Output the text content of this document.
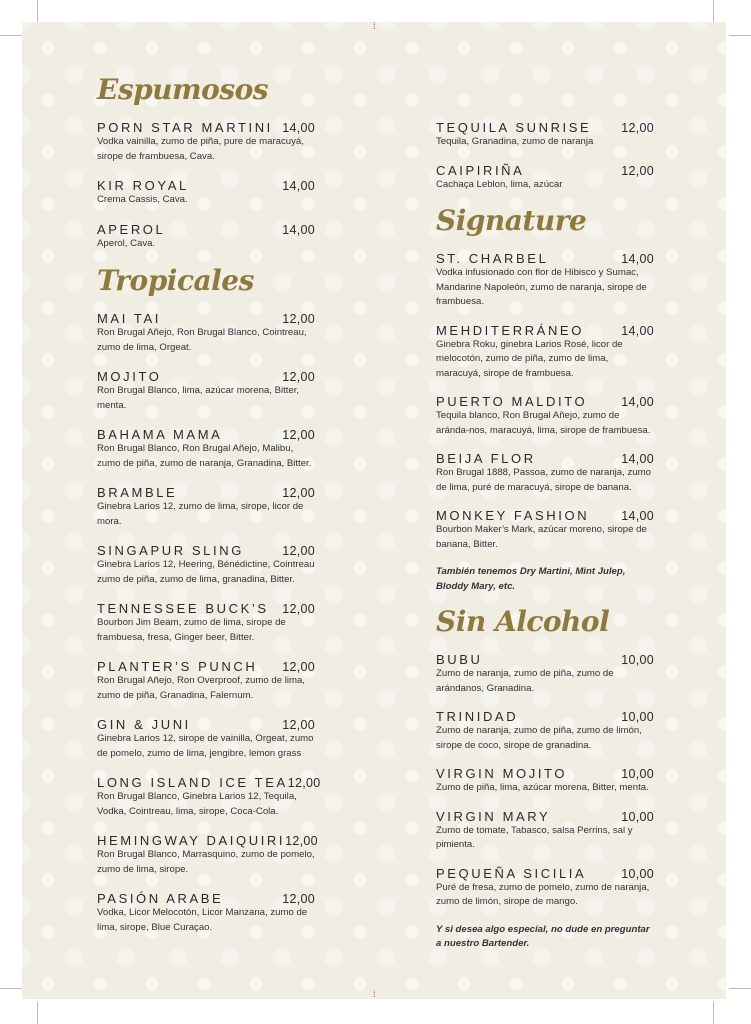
⁞
⁞
Espumosos
PORN STAR MARTINI 14,00
Vodka vainilla, zumo de piña, pure de maracuyá, sirope de frambuesa, Cava.
KIR ROYAL	14,00
Crema Cassis, Cava.
APEROL	14,00
Aperol, Cava.
Tropicales
MAI TAI	12,00
Ron Brugal Añejo, Ron Brugal Blanco, Cointreau, zumo de lima, Orgeat.
MOJITO	12,00
Ron Brugal Blanco, lima, azúcar morena, Bitter, menta.
BAHAMA MAMA	12,00
Ron Brugal Blanco, Ron Brugal Añejo, Malibu, zumo de piña, zumo de naranja, Granadina, Bitter.
BRAMBLE	12,00
Ginebra Larios 12, zumo de lima, sirope, licor de mora.
SINGAPUR SLING	12,00
Ginebra Larios 12, Heering, Bénédictine, Cointreau zumo de piña, zumo de lima, granadina, Bitter.
TENNESSEE BUCK’S 12,00
Bourbon Jim Beam, zumo de lima, sirope de frambuesa, fresa, Ginger beer, Bitter.
PLANTER’S PUNCH 12,00
Ron Brugal Añejo, Ron Overproof, zumo de lima, zumo de piña, Granadina, Falernum.
GIN & JUNI	12,00
Ginebra Larios 12, sirope de vainilla, Orgeat, zumo de pomelo, zumo de lima, jengibre, lemon grass
LONG ISLAND ICE TEA 12,00
Ron Brugal Blanco, Ginebra Larios 12, Tequila, Vodka, Cointreau, lima, sirope, Coca-Cola.
HEMINGWAY DAIQUIRI 12,00
Ron Brugal Blanco, Marrasquino, zumo de pomelo, zumo de lima, sirope.
PASIÓN ARABE	12,00
Vodka, Licor Melocotón, Licor Manzana, zumo de lima, sirope, Blue Curaçao.
TEQUILA SUNRISE 12,00
Tequila, Granadina, zumo de naranja
CAIPIRIÑA	12,00
Cachaça Leblon, lima, azúcar
Signature
ST. CHARBEL	14,00
Vodka infusionado con flor de Hibisco y Sumac, Mandarine Napoleón, zumo de naranja, sirope de frambuesa.
MEHDITERRÁNEO	14,00
Ginebra Roku, ginebra Larios Rosé, licor de melocotón, zumo de piña, zumo de lima, maracuyá, sirope de frambuesa.
PUERTO MALDITO	14,00
Tequila blanco, Ron Brugal Añejo, zumo de aránda-nos, maracuyá, lima, sirope de frambuesa.
BEIJA FLOR	14,00
Ron Brugal 1888, Passoa, zumo de naranja, zumo de lima, puré de maracuyá, sirope de banana.
MONKEY FASHION	14,00
Bourbon Maker’s Mark, azúcar moreno, sirope de banana, Bitter.
También tenemos Dry Martini, Mint Julep, Bloddy Mary, etc.
Sin Alcohol
BUBU	10,00
Zumo de naranja, zumo de piña, zumo de arándanos, Granadina.
TRINIDAD	10,00
Zumo de naranja, zumo de piña, zumo de limón, sirope de coco, sirope de granadina.
VIRGIN MOJITO	10,00
Zumo de piña, lima, azúcar morena, Bitter, menta.
VIRGIN MARY	10,00
Zumo de tomate, Tabasco, salsa Perrins, sal y pimienta.
PEQUEÑA SICILIA	10,00
Puré de fresa, zumo de pomelo, zumo de naranja, zumo de limón, sirope de mango.
Y si desea algo especial, no dude en preguntar a nuestro Bartender.
